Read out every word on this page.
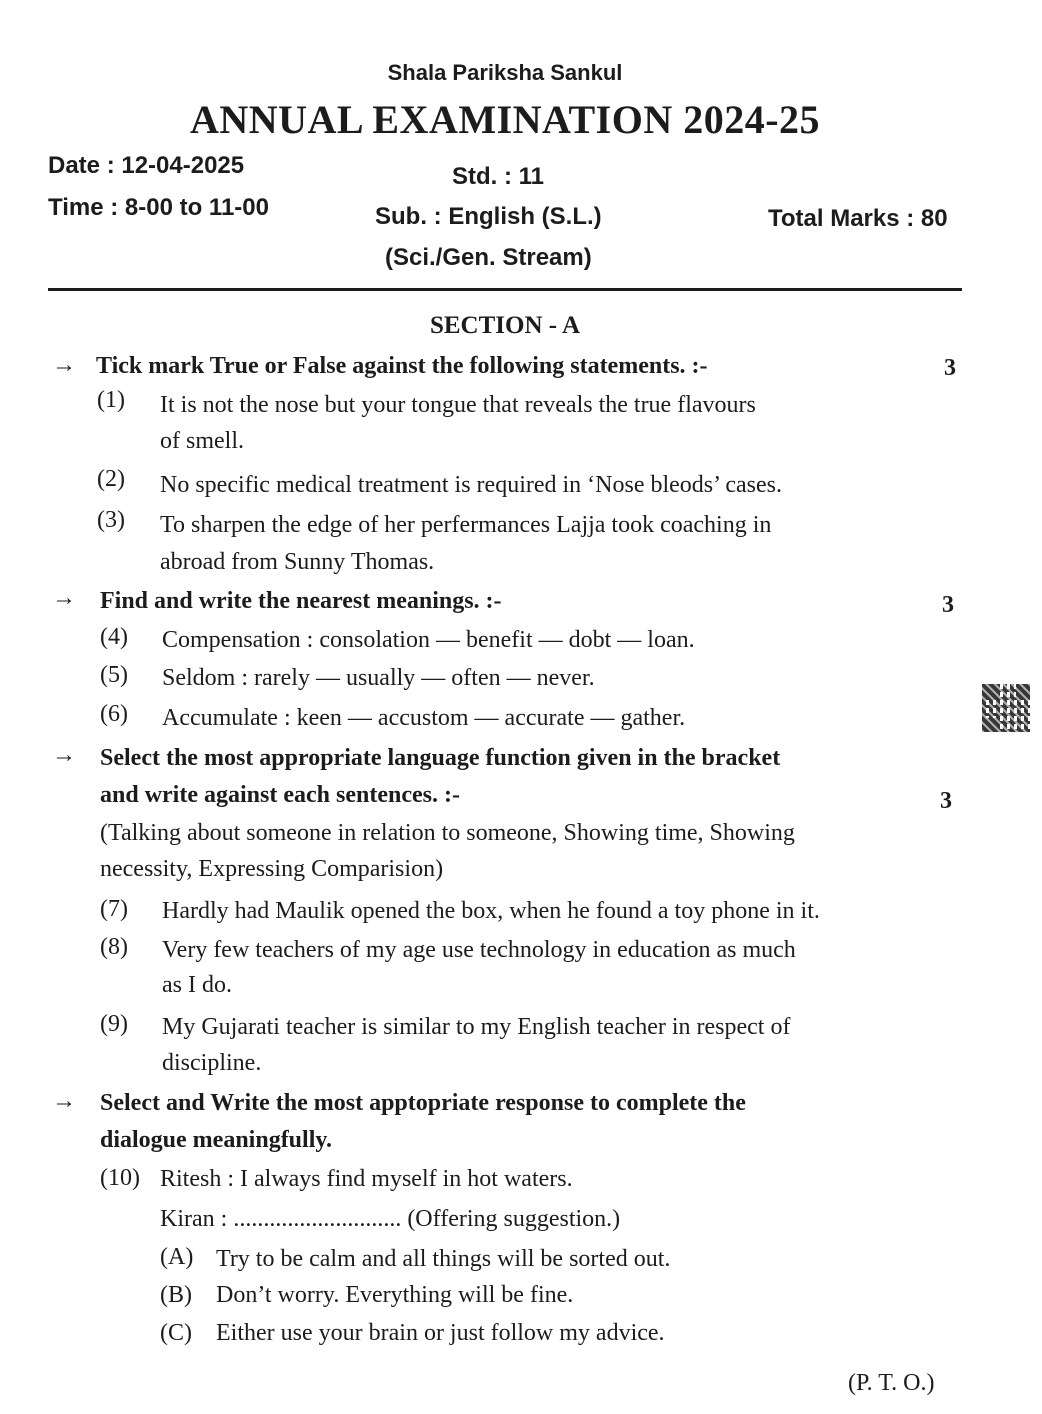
Shala Pariksha Sankul
ANNUAL EXAMINATION 2024-25
Date : 12-04-2025
Time : 8-00 to 11-00
Std. : 11
Sub. : English (S.L.)
(Sci./Gen. Stream)
Total Marks : 80
SECTION - A
→ Tick mark True or False against the following statements. :-	3
(1) It is not the nose but your tongue that reveals the true flavours
of smell.
(2) No specific medical treatment is required in ‘Nose bleods’ cases.
(3) To sharpen the edge of her perfermances Lajja took coaching in
abroad from Sunny Thomas.
→ Find and write the nearest meanings. :-	3
(4) Compensation : consolation — benefit — dobt — loan.
(5) Seldom : rarely — usually — often — never.
(6) Accumulate : keen — accustom — accurate — gather.
→ Select the most appropriate language function given in the bracket
and write against each sentences. :-	3
(Talking about someone in relation to someone, Showing time, Showing
necessity, Expressing Comparision)
(7) Hardly had Maulik opened the box, when he found a toy phone in it.
(8) Very few teachers of my age use technology in education as much
as I do.
(9) My Gujarati teacher is similar to my English teacher in respect of
discipline.
→ Select and Write the most apptopriate response to complete the
dialogue meaningfully.
(10) Ritesh : I always find myself in hot waters.
Kiran : ............................ (Offering suggestion.)
(A) Try to be calm and all things will be sorted out.
(B) Don’t worry. Everything will be fine.
(C) Either use your brain or just follow my advice.
(P. T. O.)
